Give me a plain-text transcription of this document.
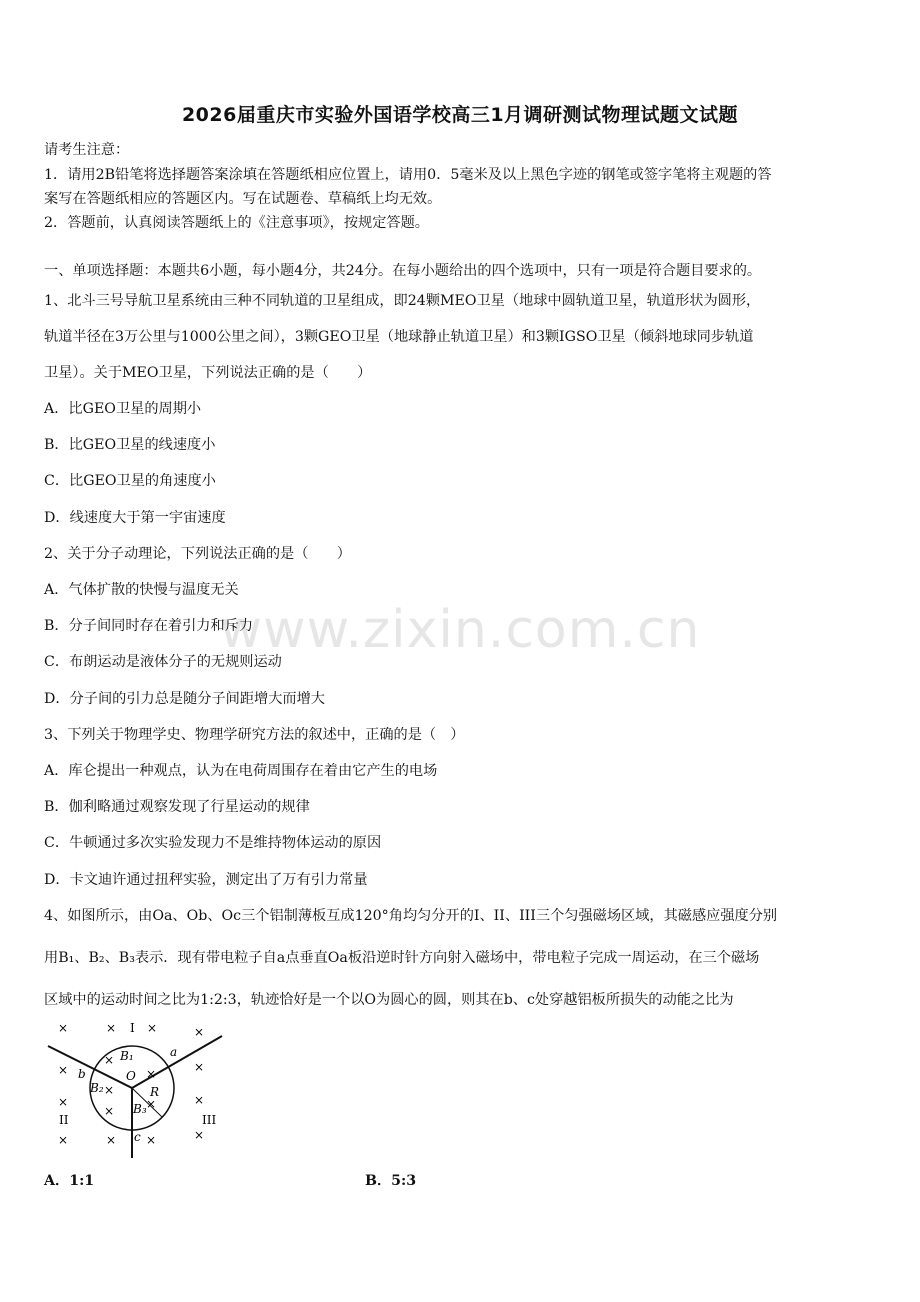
www.zixin.com.cn
2026届重庆市实验外国语学校高三1月调研测试物理试题文试题
请考生注意：
1．请用2B铅笔将选择题答案涂填在答题纸相应位置上，请用0．5毫米及以上黑色字迹的钢笔或签字笔将主观题的答
案写在答题纸相应的答题区内。写在试题卷、草稿纸上均无效。
2．答题前，认真阅读答题纸上的《注意事项》，按规定答题。
一、单项选择题：本题共6小题，每小题4分，共24分。在每小题给出的四个选项中，只有一项是符合题目要求的。
1、北斗三号导航卫星系统由三种不同轨道的卫星组成，即24颗MEO卫星（地球中圆轨道卫星，轨道形状为圆形，
轨道半径在3万公里与1000公里之间），3颗GEO卫星（地球静止轨道卫星）和3颗IGSO卫星（倾斜地球同步轨道
卫星）。关于MEO卫星，下列说法正确的是（　　）
A．比GEO卫星的周期小
B．比GEO卫星的线速度小
C．比GEO卫星的角速度小
D．线速度大于第一宇宙速度
2、关于分子动理论，下列说法正确的是（　　）
A．气体扩散的快慢与温度无关
B．分子间同时存在着引力和斥力
C．布朗运动是液体分子的无规则运动
D．分子间的引力总是随分子间距增大而增大
3、下列关于物理学史、物理学研究方法的叙述中，正确的是（　）
A．库仑提出一种观点，认为在电荷周围存在着由它产生的电场
B．伽利略通过观察发现了行星运动的规律
C．牛顿通过多次实验发现力不是维持物体运动的原因
D．卡文迪许通过扭秤实验，测定出了万有引力常量
4、如图所示，由Oa、Ob、Oc三个铝制薄板互成120°角均匀分开的I、II、III三个匀强磁场区域，其磁感应强度分别
用B₁、B₂、B₃表示．现有带电粒子自a点垂直Oa板沿逆时针方向射入磁场中，带电粒子完成一周运动，在三个磁场
区域中的运动时间之比为1:2:3，轨迹恰好是一个以O为圆心的圆，则其在b、c处穿越铝板所损失的动能之比为
×	×	×	×
×
×	×
×
×
×	×
×	×
×
×	× ×
I
II	III
B₁
B₂
B₃
O
R
a
b
c
A．1:1	B．5:3
